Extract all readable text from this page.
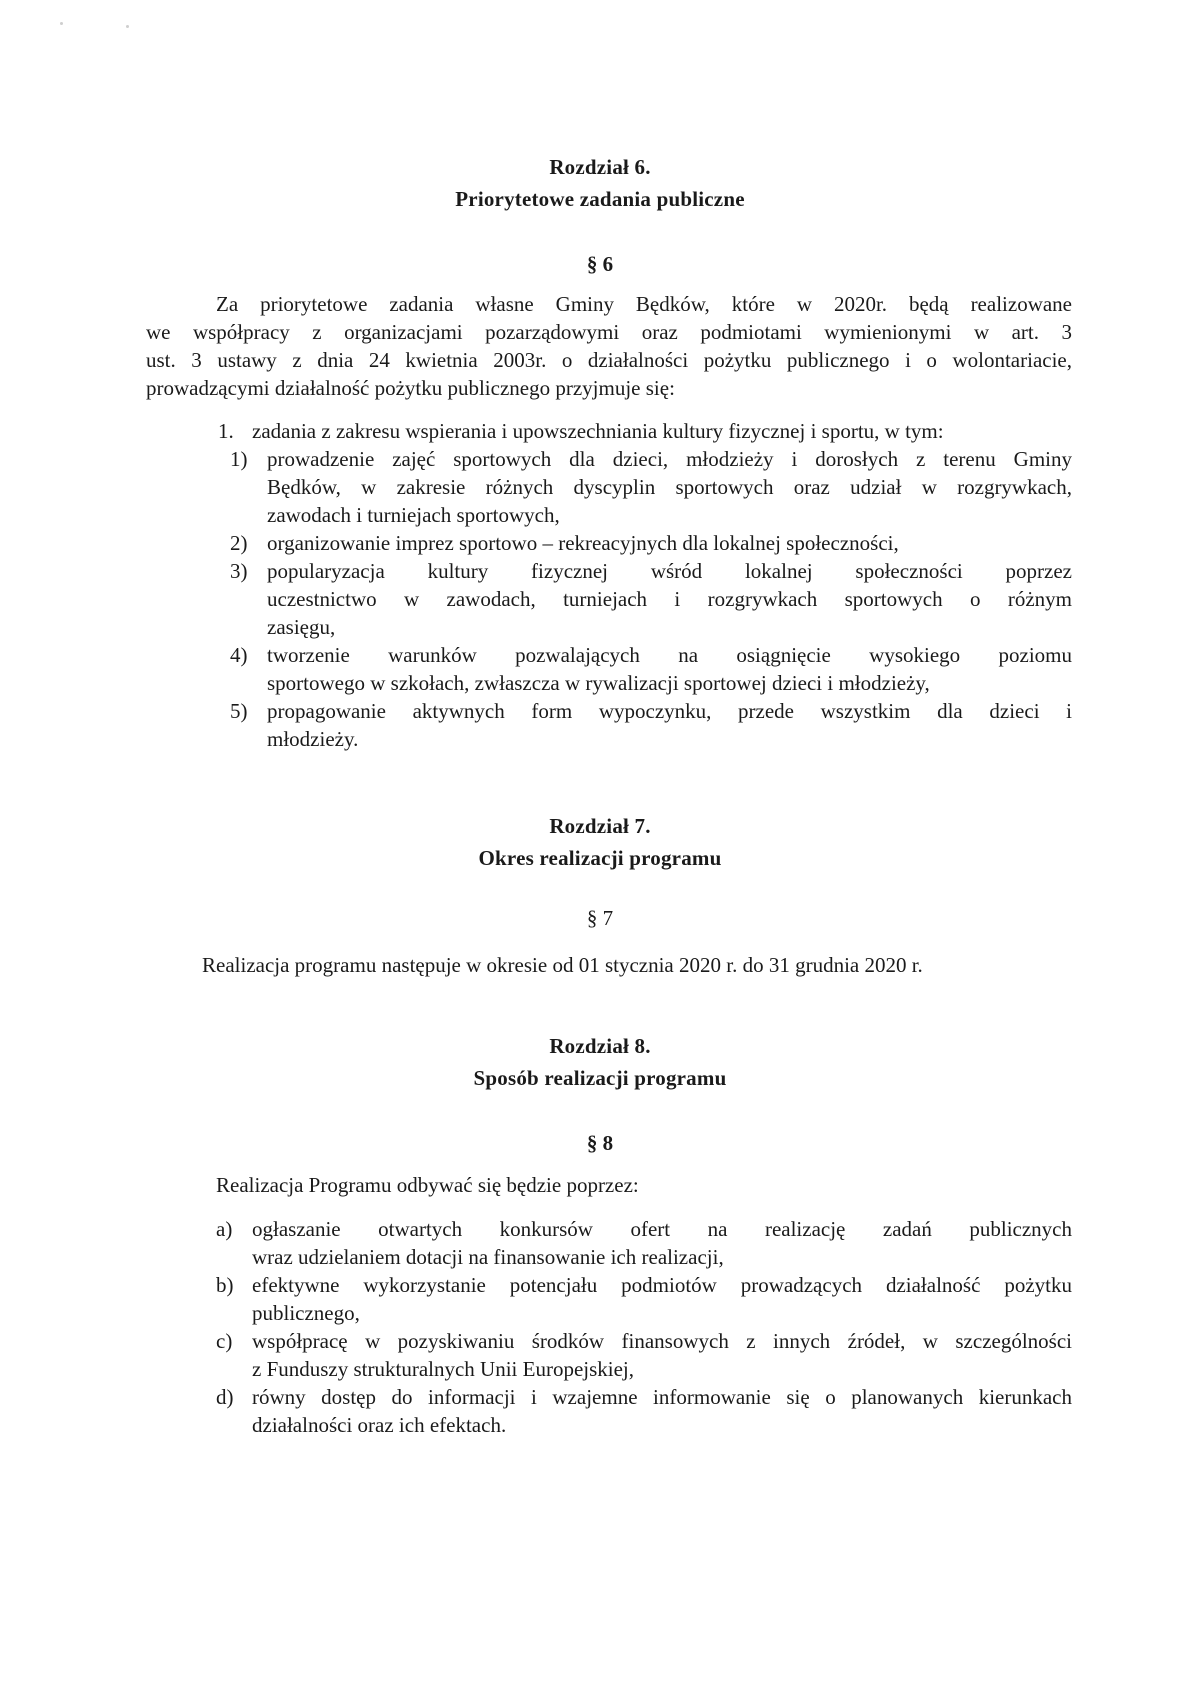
Rozdział 6.
Priorytetowe zadania publiczne
§ 6
Za priorytetowe zadania własne Gminy Będków, które w 2020r. będą realizowane
we współpracy z organizacjami pozarządowymi oraz podmiotami wymienionymi w art. 3
ust. 3 ustawy z dnia 24 kwietnia 2003r. o działalności pożytku publicznego i o wolontariacie,
prowadzącymi działalność pożytku publicznego przyjmuje się:
1. zadania z zakresu wspierania i upowszechniania kultury fizycznej i sportu, w tym:
1) prowadzenie zajęć sportowych dla dzieci, młodzieży i dorosłych z terenu Gminy
Będków, w zakresie różnych dyscyplin sportowych oraz udział w rozgrywkach,
zawodach i turniejach sportowych,
2) organizowanie imprez sportowo – rekreacyjnych dla lokalnej społeczności,
3) popularyzacja kultury fizycznej wśród lokalnej społeczności poprzez
uczestnictwo w zawodach, turniejach i rozgrywkach sportowych o różnym
zasięgu,
4) tworzenie warunków pozwalających na osiągnięcie wysokiego poziomu
sportowego w szkołach, zwłaszcza w rywalizacji sportowej dzieci i młodzieży,
5) propagowanie aktywnych form wypoczynku, przede wszystkim dla dzieci i
młodzieży.
Rozdział 7.
Okres realizacji programu
§ 7
Realizacja programu następuje w okresie od 01 stycznia 2020 r. do 31 grudnia 2020 r.
Rozdział 8.
Sposób realizacji programu
§ 8
Realizacja Programu odbywać się będzie poprzez:
a) ogłaszanie otwartych konkursów ofert na realizację zadań publicznych
wraz udzielaniem dotacji na finansowanie ich realizacji,
b) efektywne wykorzystanie potencjału podmiotów prowadzących działalność pożytku
publicznego,
c) współpracę w pozyskiwaniu środków finansowych z innych źródeł, w szczególności
z Funduszy strukturalnych Unii Europejskiej,
d) równy dostęp do informacji i wzajemne informowanie się o planowanych kierunkach
działalności oraz ich efektach.
